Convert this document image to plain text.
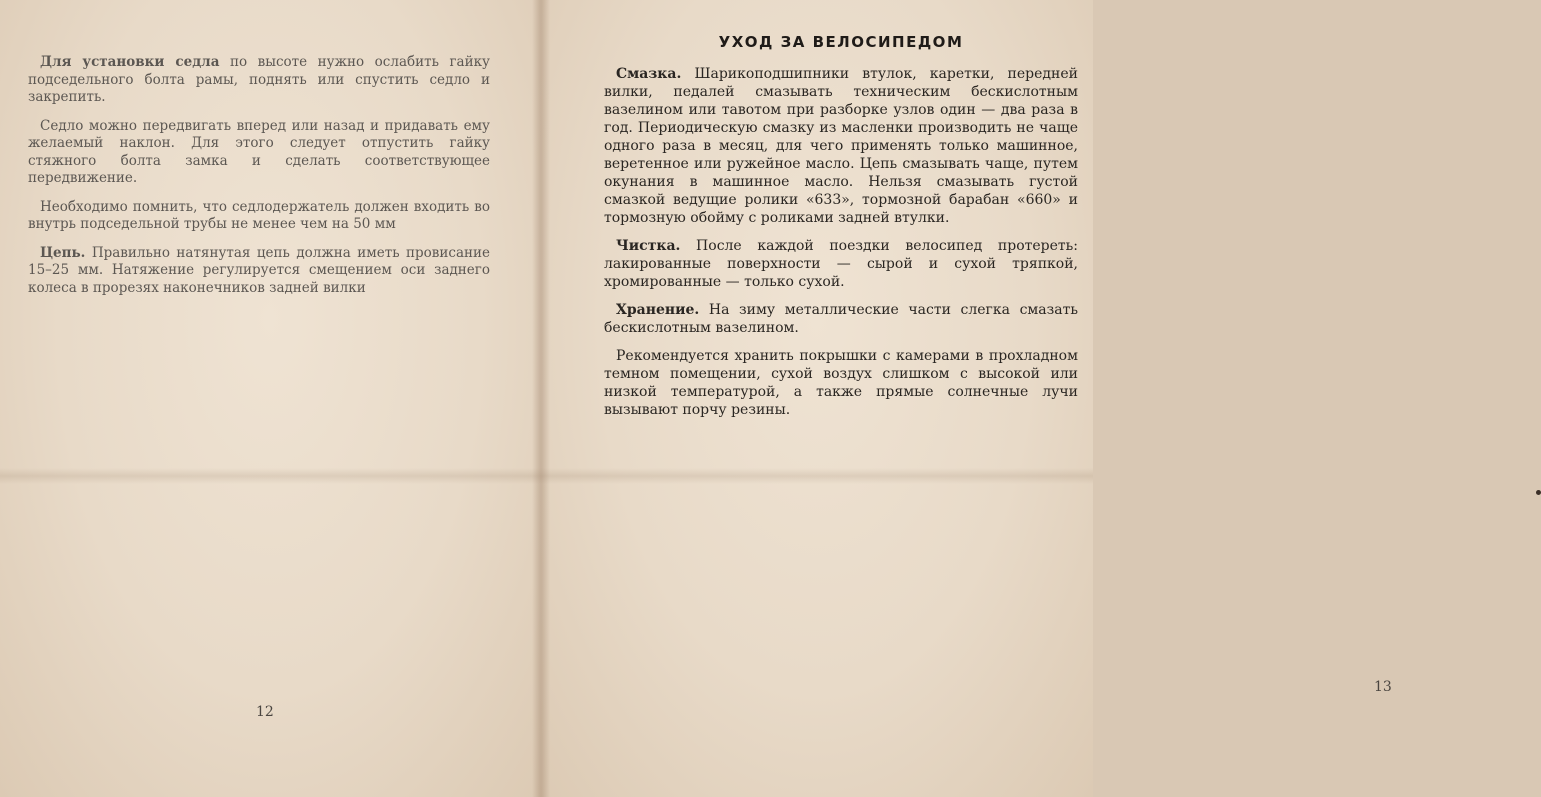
Для установки седла по высоте нужно ослабить гайку подседельного болта рамы, поднять или спустить седло и закрепить.

Седло можно передвигать вперед или назад и придавать ему желаемый наклон. Для этого следует отпустить гайку стяжного болта замка и сделать соответствующее передвижение.

Необходимо помнить, что седлодержатель должен входить во внутрь подседельной трубы не менее чем на 50 мм

Цепь. Правильно натянутая цепь должна иметь провисание 15–25 мм. Натяжение регулируется смещением оси заднего колеса в прорезях наконечников задней вилки

12
13
УХОД ЗА ВЕЛОСИПЕДОМ

Смазка. Шарикоподшипники втулок, каретки, передней вилки, педалей смазывать техническим бескислотным вазелином или тавотом при разборке узлов один — два раза в год. Периодическую смазку из масленки производить не чаще одного раза в месяц, для чего применять только машинное, веретенное или ружейное масло. Цепь смазывать чаще, путем окунания в машинное масло. Нельзя смазывать густой смазкой ведущие ролики «633», тормозной барабан «660» и тормозную обойму с роликами задней втулки.

Чистка. После каждой поездки велосипед протереть: лакированные поверхности — сырой и сухой тряпкой, хромированные — только сухой.

Хранение. На зиму металлические части слегка смазать бескислотным вазелином.

Рекомендуется хранить покрышки с камерами в прохладном темном помещении, сухой воздух слишком с высокой или низкой температурой, а также прямые солнечные лучи вызывают порчу резины.
